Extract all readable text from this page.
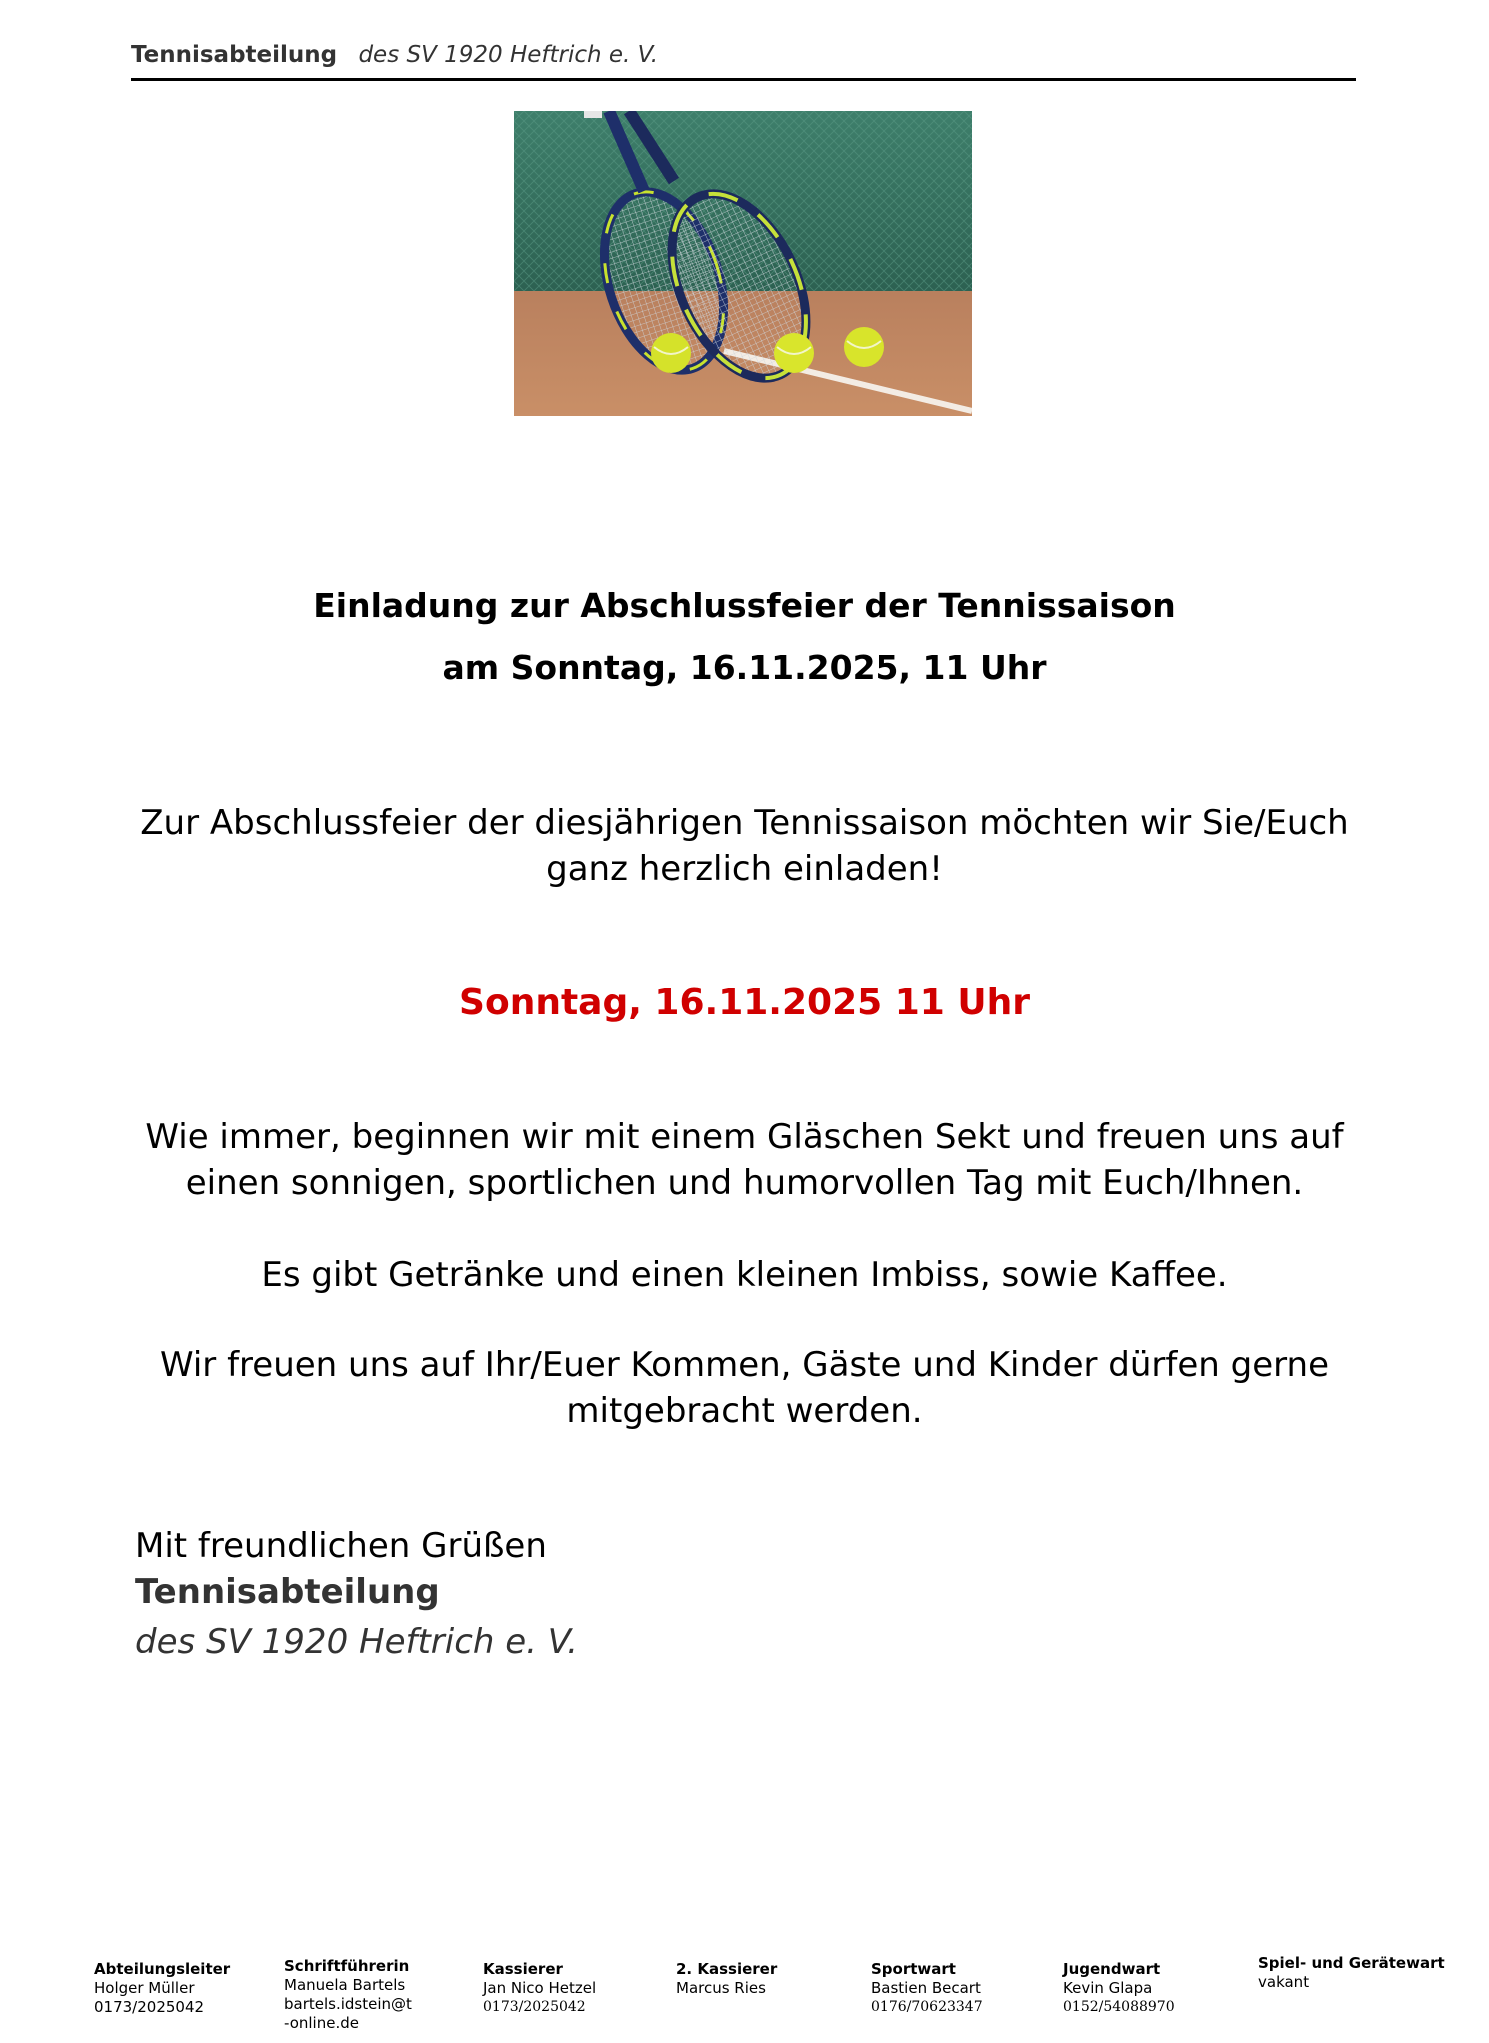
Tennisabteilung des SV 1920 Heftrich e. V.
Einladung zur Abschlussfeier der Tennissaison
am Sonntag, 16.11.2025, 11 Uhr
Zur Abschlussfeier der diesjährigen Tennissaison möchten wir Sie/Euch ganz herzlich einladen!
Sonntag, 16.11.2025 11 Uhr
Wie immer, beginnen wir mit einem Gläschen Sekt und freuen uns auf einen sonnigen, sportlichen und humorvollen Tag mit Euch/Ihnen.
Es gibt Getränke und einen kleinen Imbiss, sowie Kaffee.
Wir freuen uns auf Ihr/Euer Kommen, Gäste und Kinder dürfen gerne mitgebracht werden.
Mit freundlichen Grüßen
Tennisabteilung
des SV 1920 Heftrich e. V.
Abteilungsleiter
Holger Müller
0173/2025042
Schriftführerin
Manuela Bartels
bartels.idstein@t-online.de
Kassierer
Jan Nico Hetzel
0173/2025042
2. Kassierer
Marcus Ries
Sportwart
Bastien Becart
0176/70623347
Jugendwart
Kevin Glapa
0152/54088970
Spiel- und Gerätewart
vakant
